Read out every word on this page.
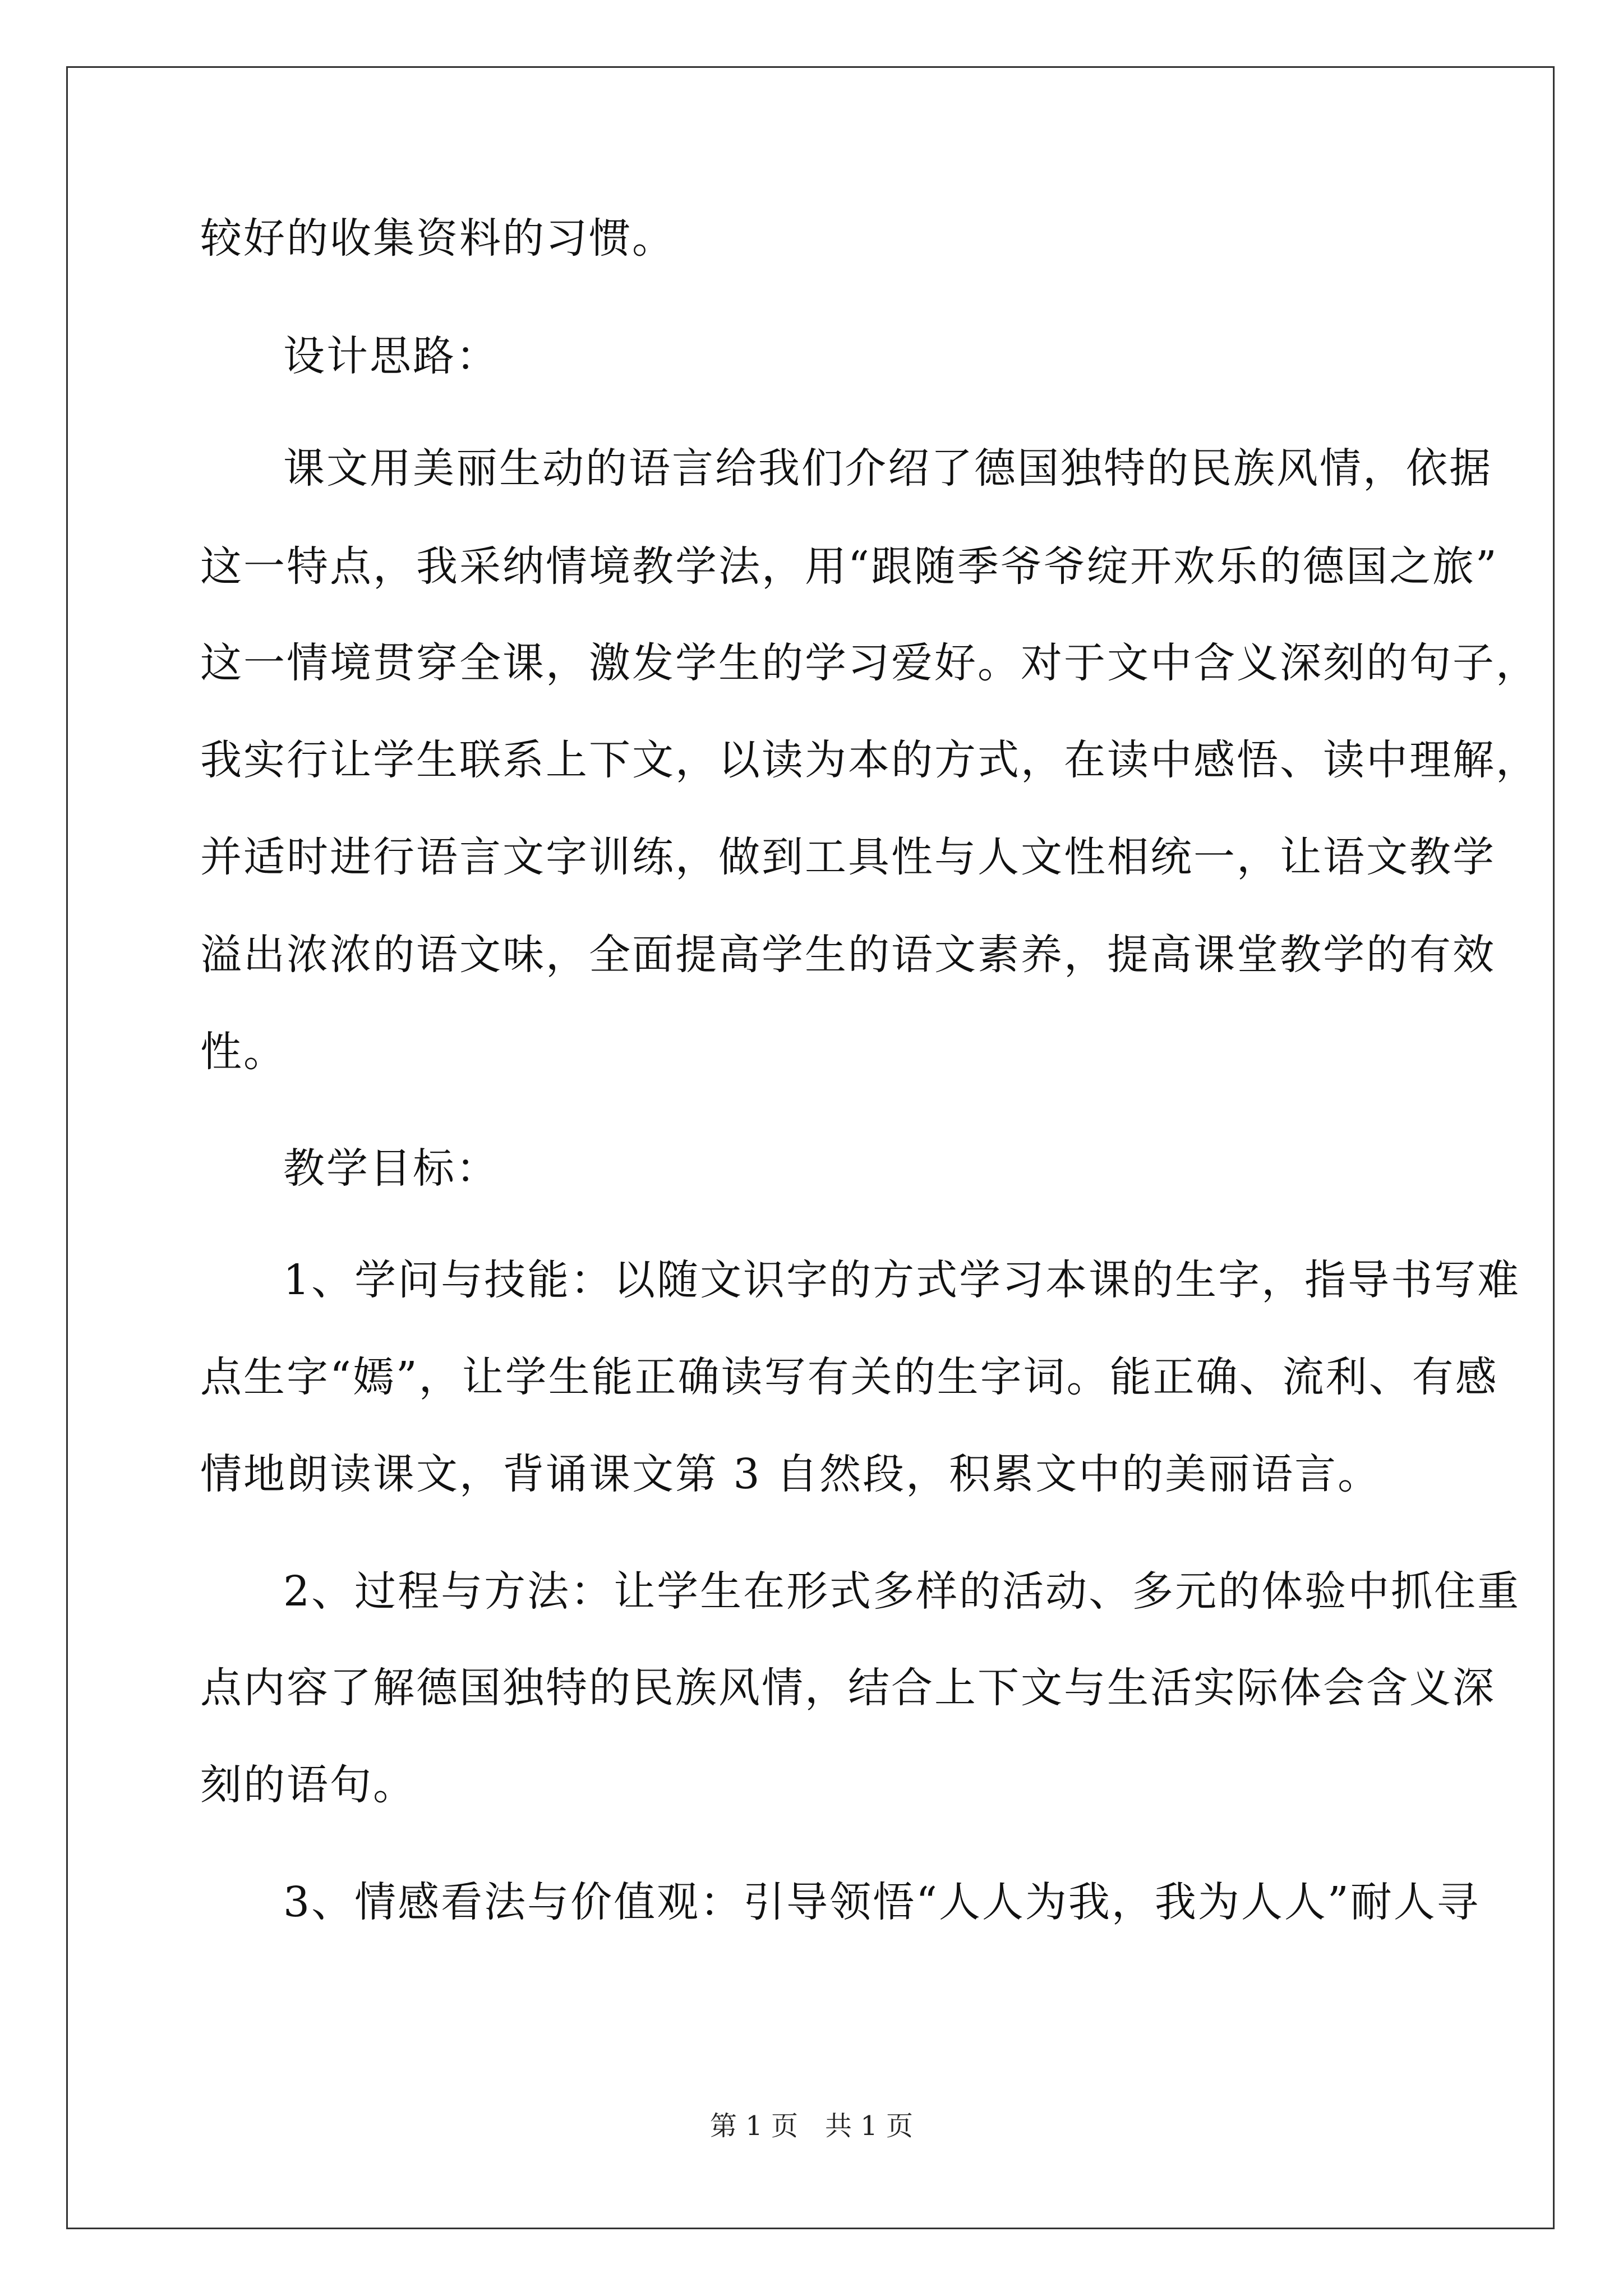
较好的收集资料的习惯。
设计思路：
课文用美丽生动的语言给我们介绍了德国独特的民族风情，依据
这一特点，我采纳情境教学法，用“跟随季爷爷绽开欢乐的德国之旅”
这一情境贯穿全课，激发学生的学习爱好。对于文中含义深刻的句子，
我实行让学生联系上下文，以读为本的方式，在读中感悟、读中理解，
并适时进行语言文字训练，做到工具性与人文性相统一，让语文教学
溢出浓浓的语文味，全面提高学生的语文素养，提高课堂教学的有效
性。
教学目标：
1、学问与技能：以随文识字的方式学习本课的生字，指导书写难
点生字“嫣”，让学生能正确读写有关的生字词。能正确、流利、有感
情地朗读课文，背诵课文第 3 自然段，积累文中的美丽语言。
2、过程与方法：让学生在形式多样的活动、多元的体验中抓住重
点内容了解德国独特的民族风情，结合上下文与生活实际体会含义深
刻的语句。
3、情感看法与价值观：引导领悟“人人为我，我为人人”耐人寻
第 1 页　共 1 页
